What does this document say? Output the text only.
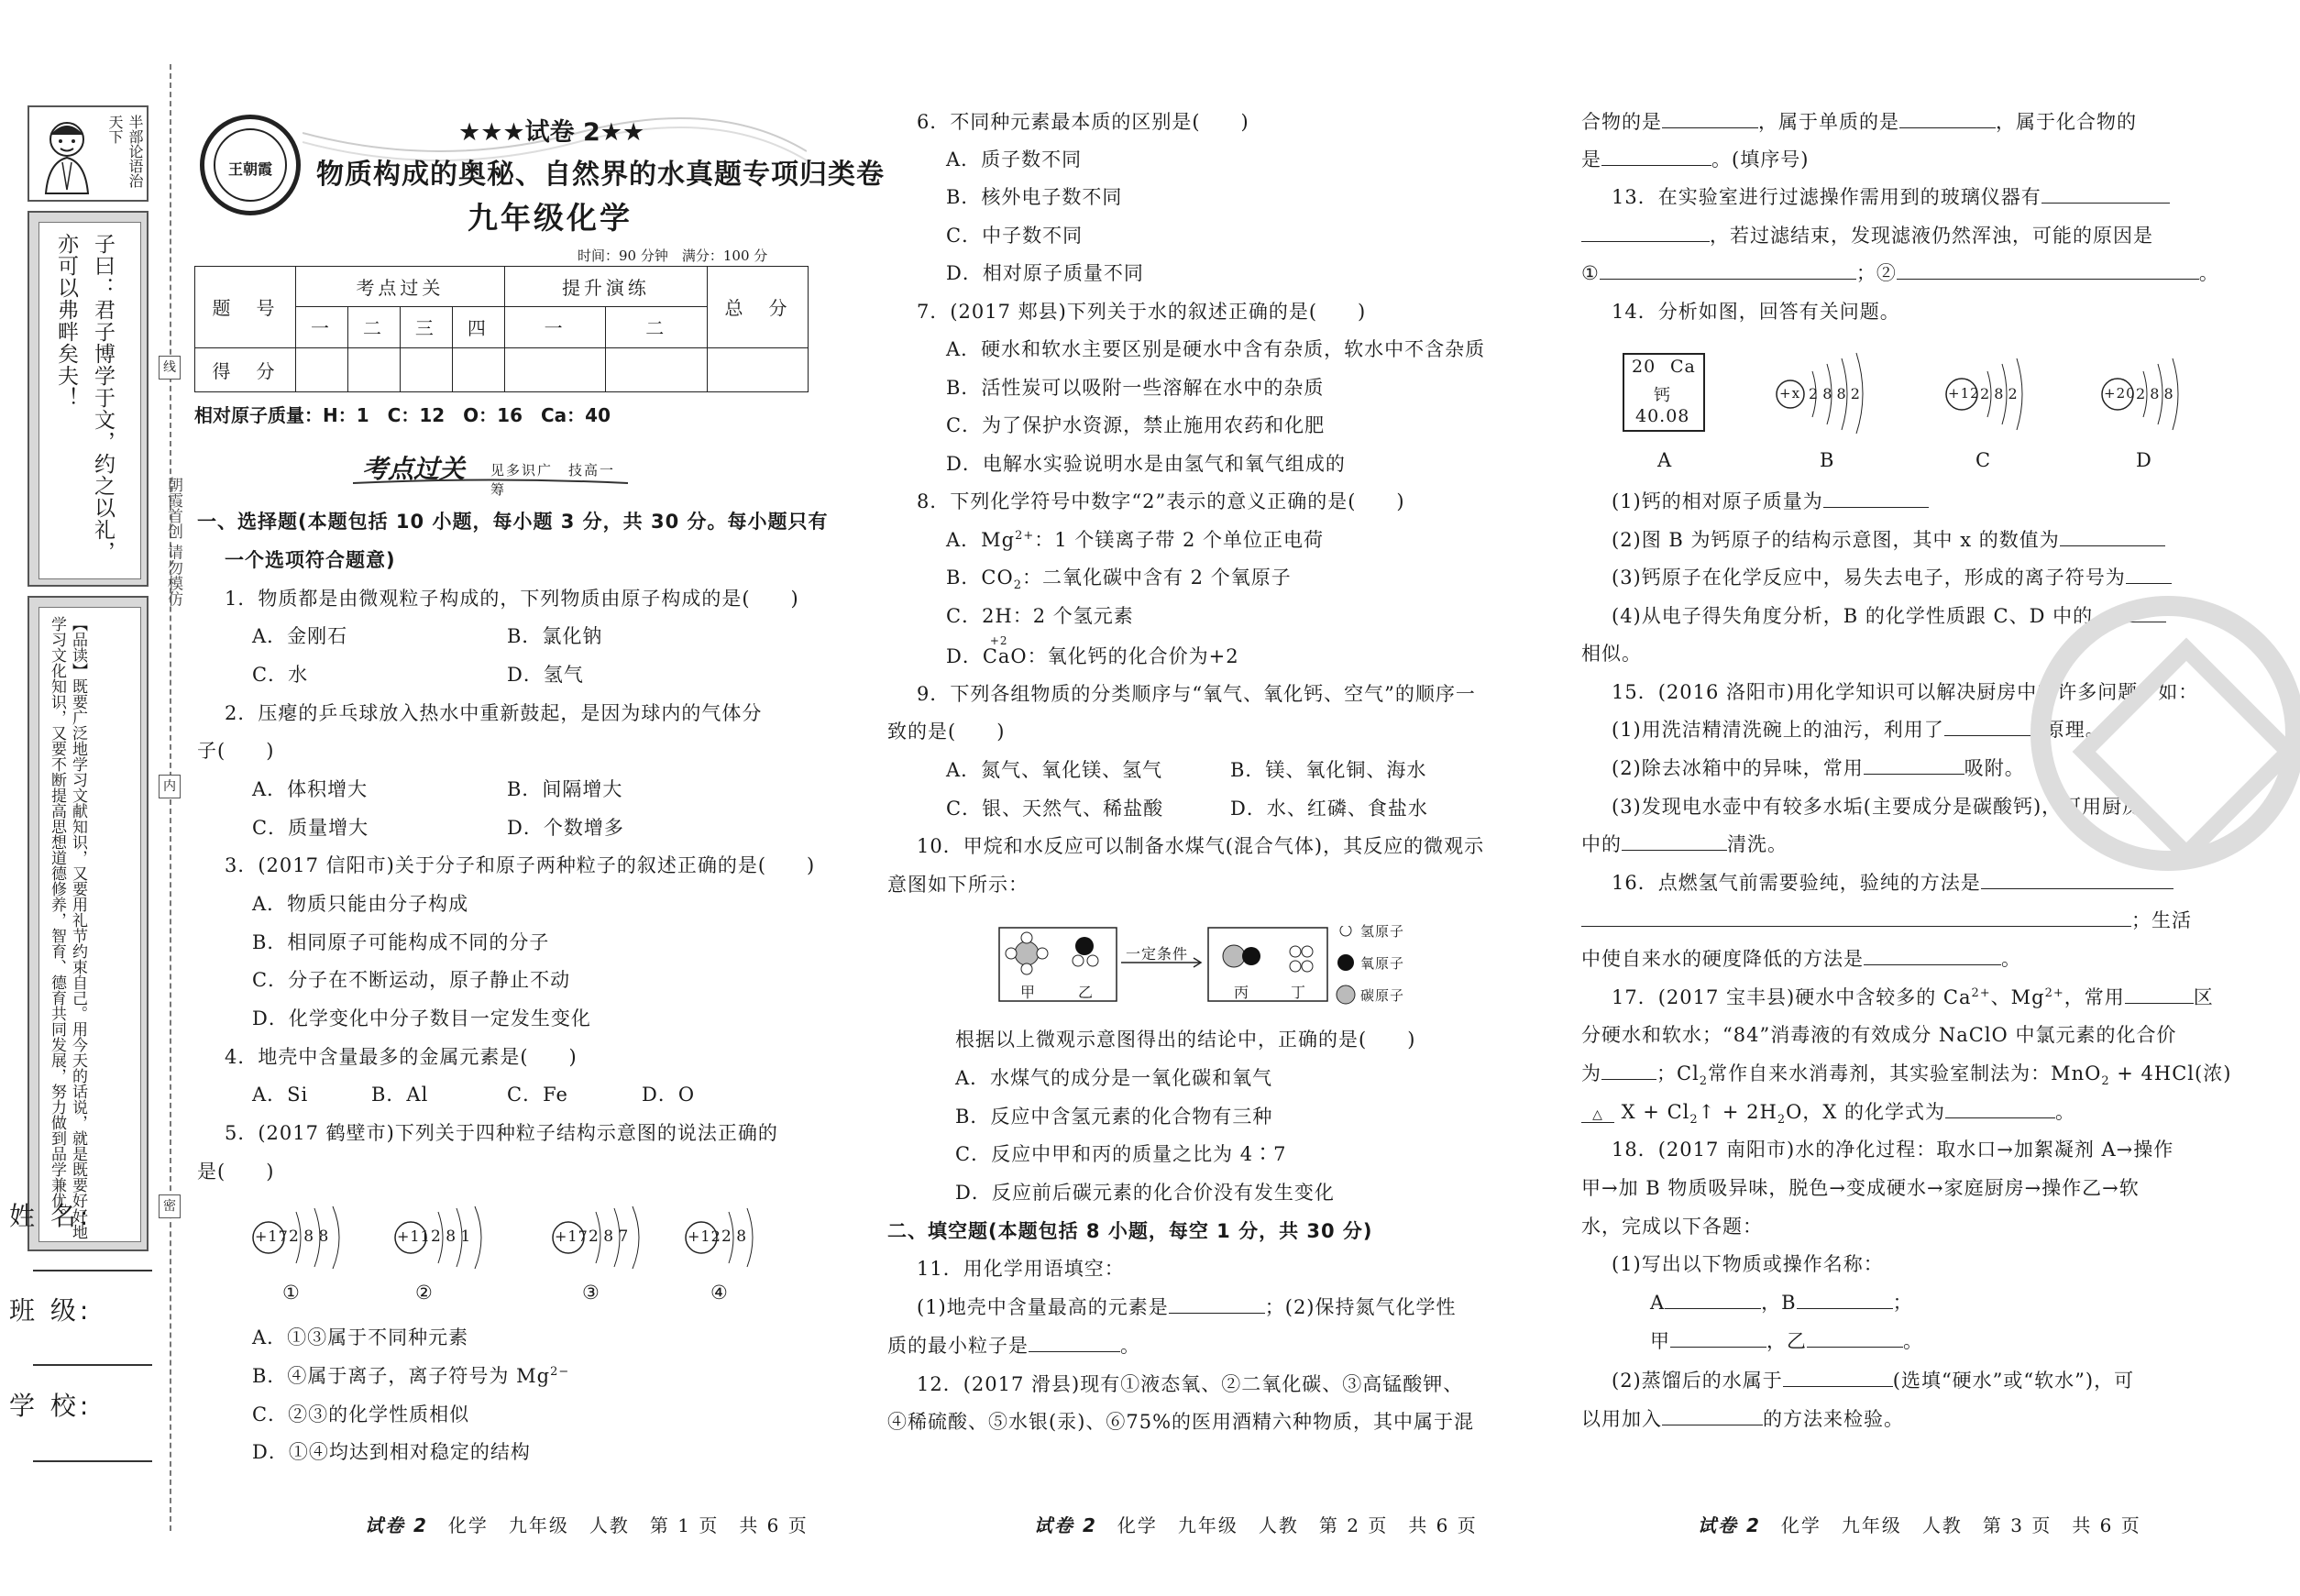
半部论语治天下
子曰：君子博学于文，约之以礼，亦可以弗畔矣夫！
【品读】既要广泛地学习文献知识，又要用礼节约束自己。用今天的话说，就是既要好好地学习文化知识，又要不断提高思想道德修养，智育、德育共同发展，努力做到品学兼优。
姓 名:
班 级:
学 校:
朝霞首创 请勿模仿
线
内
密
王朝霞
★★★试卷 2★★
物质构成的奥秘、自然界的水真题专项归类卷
九年级化学
时间：90 分钟　满分：100 分
题　号	考点过关				提升演练		总　分
	一	二	三	四	一	二	
得　分							
相对原子质量：H：1　C：12　O：16　Ca：40
考点过关 见多识广　技高一筹
一、选择题(本题包括 10 小题，每小题 3 分，共 30 分。每小题只有
一个选项符合题意)
1．物质都是由微观粒子构成的，下列物质由原子构成的是(　　)
A．金刚石	B．氯化钠
C．水	D．氢气
2．压瘪的乒乓球放入热水中重新鼓起，是因为球内的气体分
子(　　)
A．体积增大	B．间隔增大
C．质量增大	D．个数增多
3．(2017 信阳市)关于分子和原子两种粒子的叙述正确的是(　　)
A．物质只能由分子构成
B．相同原子可能构成不同的分子
C．分子在不断运动，原子静止不动
D．化学变化中分子数目一定发生变化
4．地壳中含量最多的金属元素是(　　)
A．Si	B．Al	C．Fe	D．O
5．(2017 鹤壁市)下列关于四种粒子结构示意图的说法正确的
是(　　)
+17 2 8 8
①
+11 2 8 1
②
+17 2 8 7
③
+12 2 8
④
A．①③属于不同种元素
B．④属于离子，离子符号为 $Mg^{2-}$
C．②③的化学性质相似
D．①④均达到相对稳定的结构
6．不同种元素最本质的区别是(　　)
A．质子数不同
B．核外电子数不同
C．中子数不同
D．相对原子质量不同
7．(2017 郏县)下列关于水的叙述正确的是(　　)
A．硬水和软水主要区别是硬水中含有杂质，软水中不含杂质
B．活性炭可以吸附一些溶解在水中的杂质
C．为了保护水资源，禁止施用农药和化肥
D．电解水实验说明水是由氢气和氧气组成的
8．下列化学符号中数字“2”表示的意义正确的是(　　)
A．$Mg^{2+}$：1 个镁离子带 2 个单位正电荷
B．$CO_2$：二氧化碳中含有 2 个氧原子
C．2H：2 个氢元素
D．
+2
CaO：氧化钙的化合价为+2
9．下列各组物质的分类顺序与“氧气、氧化钙、空气”的顺序一
致的是(　　)
A．氮气、氧化镁、氢气	B．镁、氧化铜、海水
C．银、天然气、稀盐酸	D．水、红磷、食盐水
10．甲烷和水反应可以制备水煤气(混合气体)，其反应的微观示
意图如下所示：
一定条件
甲	乙	丙	丁
氢原子
氧原子
碳原子
根据以上微观示意图得出的结论中，正确的是(　　)
A．水煤气的成分是一氧化碳和氧气
B．反应中含氢元素的化合物有三种
C．反应中甲和丙的质量之比为 4∶7
D．反应前后碳元素的化合价没有发生变化
二、填空题(本题包括 8 小题，每空 1 分，共 30 分)
11．用化学用语填空：
(1)地壳中含量最高的元素是	；(2)保持氮气化学性
质的最小粒子是	。
12．(2017 滑县)现有①液态氧、②二氧化碳、③高锰酸钾、
④稀硫酸、⑤水银(汞)、⑥75%的医用酒精六种物质，其中属于混
合物的是	，属于单质的是	，属于化合物的
是	。(填序号)
13．在实验室进行过滤操作需用到的玻璃仪器有
，若过滤结束，发现滤液仍然浑浊，可能的原因是
①	；②	。
14．分析如图，回答有关问题。
20 Ca
钙
40.08
+x 2 8 8 2	+12 2 8 2	+20 2 8 8
A	B	C	D
(1)钙的相对原子质量为
(2)图 B 为钙原子的结构示意图，其中 x 的数值为
(3)钙原子在化学反应中，易失去电子，形成的离子符号为
(4)从电子得失角度分析，B 的化学性质跟 C、D 中的
相似。
15．(2016 洛阳市)用化学知识可以解决厨房中的许多问题，如：
(1)用洗洁精清洗碗上的油污，利用了	原理。
(2)除去冰箱中的异味，常用	吸附。
(3)发现电水壶中有较多水垢(主要成分是碳酸钙)，可用厨房
中的	清洗。
16．点燃氢气前需要验纯，验纯的方法是
；生活
中使自来水的硬度降低的方法是	。
17．(2017 宝丰县)硬水中含较多的 $Ca^{2+}$、$Mg^{2+}$，常用	区
分硬水和软水；“84”消毒液的有效成分 NaClO 中氯元素的化合价
为	；$Cl_2$常作自来水消毒剂，其实验室制法为：MnO$_2$ + 4HCl(浓)
△ $X + Cl_2↑ + 2H_2O$，X 的化学式为	。
18．(2017 南阳市)水的净化过程：取水口→加絮凝剂 A→操作
甲→加 B 物质吸异味，脱色→变成硬水→家庭厨房→操作乙→软
水，完成以下各题：
(1)写出以下物质或操作名称：
A	，B	；
甲	，乙	。
(2)蒸馏后的水属于	(选填“硬水”或“软水”)，可
以用加入	的方法来检验。
试卷 2　 化学　九年级　人教　第 1 页　共 6 页	试卷 2　 化学　九年级　人教　第 2 页　共 6 页	试卷 2　 化学　九年级　人教　第 3 页　共 6 页
